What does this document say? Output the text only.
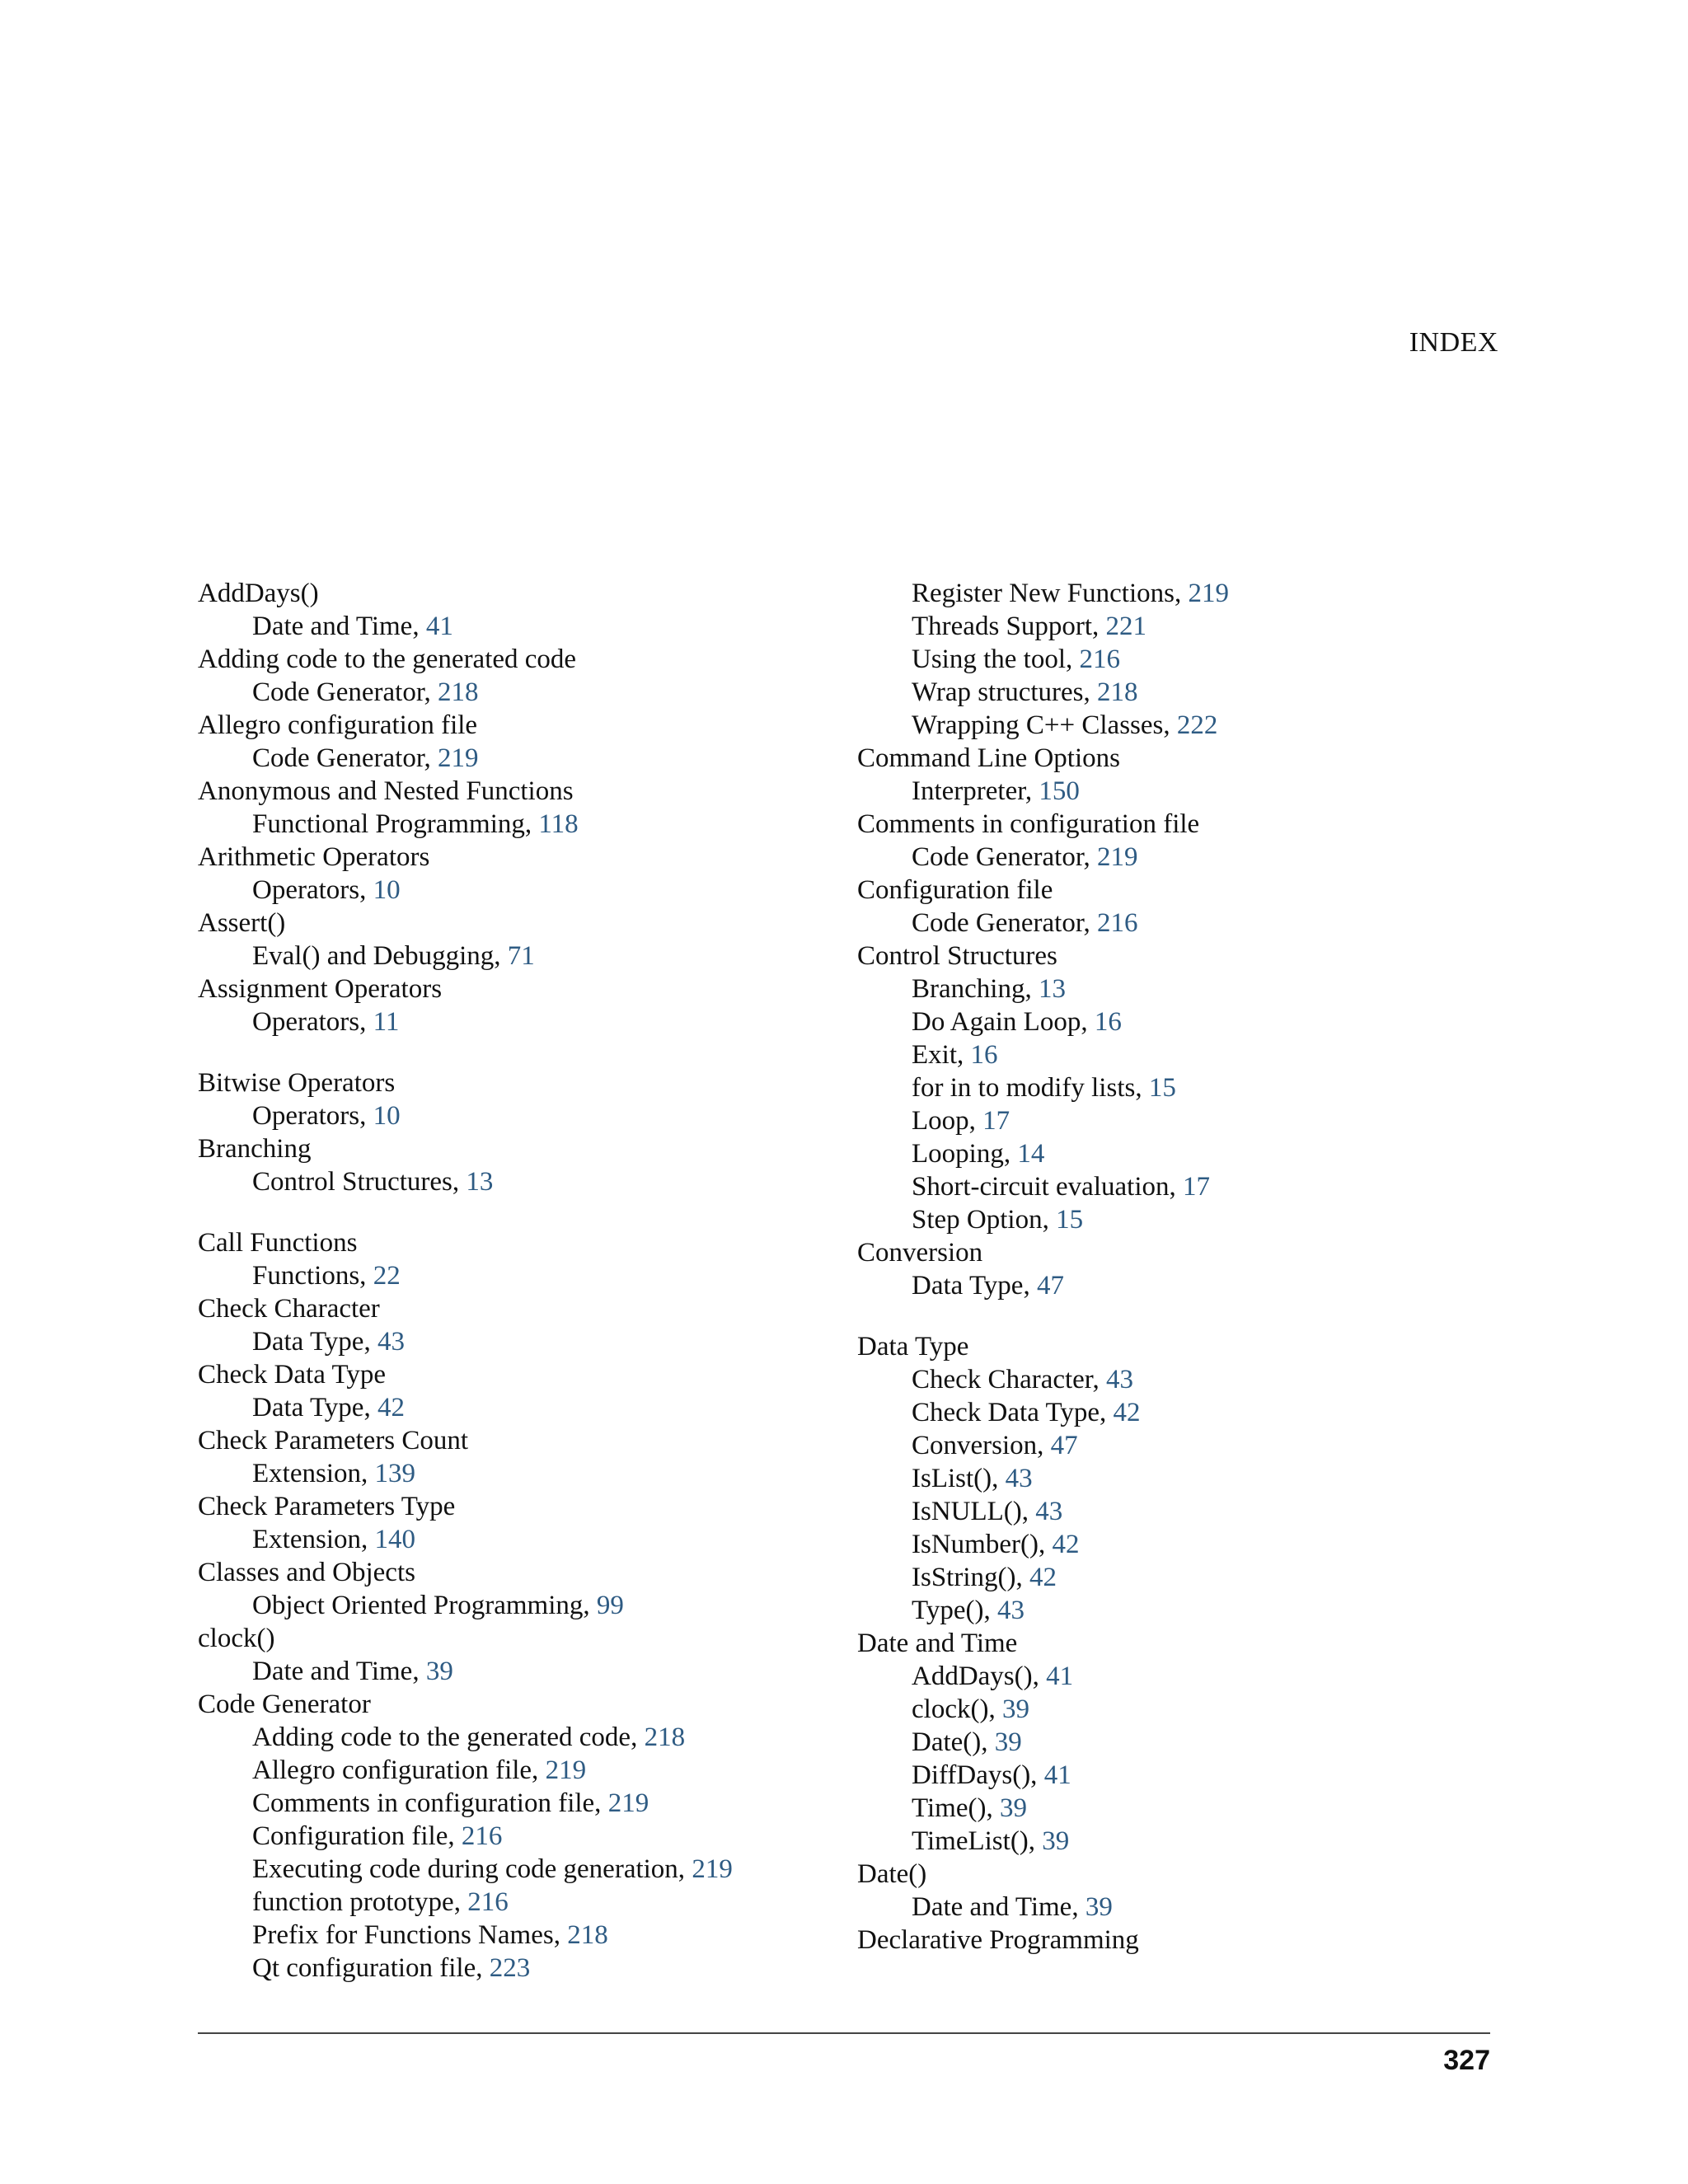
INDEX
AddDays()
Date and Time, 41
Adding code to the generated code
Code Generator, 218
Allegro configuration file
Code Generator, 219
Anonymous and Nested Functions
Functional Programming, 118
Arithmetic Operators
Operators, 10
Assert()
Eval() and Debugging, 71
Assignment Operators
Operators, 11
Bitwise Operators
Operators, 10
Branching
Control Structures, 13
Call Functions
Functions, 22
Check Character
Data Type, 43
Check Data Type
Data Type, 42
Check Parameters Count
Extension, 139
Check Parameters Type
Extension, 140
Classes and Objects
Object Oriented Programming, 99
clock()
Date and Time, 39
Code Generator
Adding code to the generated code, 218
Allegro configuration file, 219
Comments in configuration file, 219
Configuration file, 216
Executing code during code generation, 219
function prototype, 216
Prefix for Functions Names, 218
Qt configuration file, 223
Register New Functions, 219
Threads Support, 221
Using the tool, 216
Wrap structures, 218
Wrapping C++ Classes, 222
Command Line Options
Interpreter, 150
Comments in configuration file
Code Generator, 219
Configuration file
Code Generator, 216
Control Structures
Branching, 13
Do Again Loop, 16
Exit, 16
for in to modify lists, 15
Loop, 17
Looping, 14
Short-circuit evaluation, 17
Step Option, 15
Conversion
Data Type, 47
Data Type
Check Character, 43
Check Data Type, 42
Conversion, 47
IsList(), 43
IsNULL(), 43
IsNumber(), 42
IsString(), 42
Type(), 43
Date and Time
AddDays(), 41
clock(), 39
Date(), 39
DiffDays(), 41
Time(), 39
TimeList(), 39
Date()
Date and Time, 39
Declarative Programming
327
